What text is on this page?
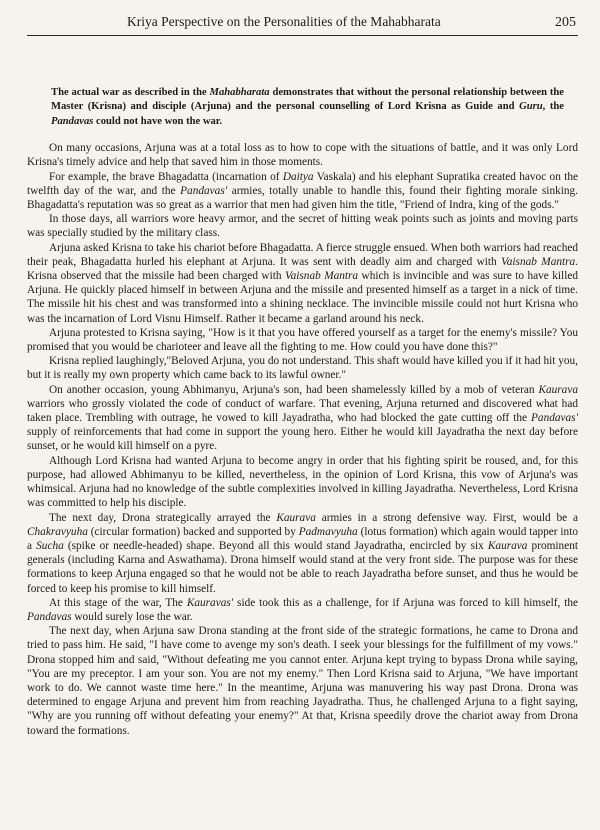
Kriya Perspective on the Personalities of the Mahabharata	205
The actual war as described in the Mahabharata demonstrates that without the personal relationship between the Master (Krisna) and disciple (Arjuna) and the personal counselling of Lord Krisna as Guide and Guru, the Pandavas could not have won the war.

On many occasions, Arjuna was at a total loss as to how to cope with the situations of battle, and it was only Lord Krisna's timely advice and help that saved him in those moments.

For example, the brave Bhagadatta (incarnation of Daitya Vaskala) and his elephant Supratika created havoc on the twelfth day of the war, and the Pandavas' armies, totally unable to handle this, found their fighting morale sinking. Bhagadatta's reputation was so great as a warrior that men had given him the title, "Friend of Indra, king of the gods."

In those days, all warriors wore heavy armor, and the secret of hitting weak points such as joints and moving parts was specially studied by the military class.

Arjuna asked Krisna to take his chariot before Bhagadatta. A fierce struggle ensued. When both warriors had reached their peak, Bhagadatta hurled his elephant at Arjuna. It was sent with deadly aim and charged with Vaisnab Mantra. Krisna observed that the missile had been charged with Vaisnab Mantra which is invincible and was sure to have killed Arjuna. He quickly placed himself in between Arjuna and the missile and presented himself as a target in a nick of time. The missile hit his chest and was transformed into a shining necklace. The invincible missile could not hurt Krisna who was the incarnation of Lord Visnu Himself. Rather it became a garland around his neck.

Arjuna protested to Krisna saying, "How is it that you have offered yourself as a target for the enemy's missile? You promised that you would be charioteer and leave all the fighting to me. How could you have done this?"

Krisna replied laughingly,"Beloved Arjuna, you do not understand. This shaft would have killed you if it had hit you, but it is really my own property which came back to its lawful owner."

On another occasion, young Abhimanyu, Arjuna's son, had been shamelessly killed by a mob of veteran Kaurava warriors who grossly violated the code of conduct of warfare. That evening, Arjuna returned and discovered what had taken place. Trembling with outrage, he vowed to kill Jayadratha, who had blocked the gate cutting off the Pandavas' supply of reinforcements that had come in support the young hero. Either he would kill Jayadratha the next day before sunset, or he would kill himself on a pyre.

Although Lord Krisna had wanted Arjuna to become angry in order that his fighting spirit be roused, and, for this purpose, had allowed Abhimanyu to be killed, nevertheless, in the opinion of Lord Krisna, this vow of Arjuna's was whimsical. Arjuna had no knowledge of the subtle complexities involved in killing Jayadratha. Nevertheless, Lord Krisna was committed to help his disciple.

The next day, Drona strategically arrayed the Kaurava armies in a strong defensive way. First, would be a Chakravyuha (circular formation) backed and supported by Padmavyuha (lotus formation) which again would tapper into a Sucha (spike or needle-headed) shape. Beyond all this would stand Jayadratha, encircled by six Kaurava prominent generals (including Karna and Aswathama). Drona himself would stand at the very front side. The purpose was for these formations to keep Arjuna engaged so that he would not be able to reach Jayadratha before sunset, and thus he would be forced to keep his promise to kill himself.

At this stage of the war, The Kauravas' side took this as a challenge, for if Arjuna was forced to kill himself, the Pandavas would surely lose the war.

The next day, when Arjuna saw Drona standing at the front side of the strategic formations, he came to Drona and tried to pass him. He said, "I have come to avenge my son's death. I seek your blessings for the fulfillment of my vows." Drona stopped him and said, "Without defeating me you cannot enter. Arjuna kept trying to bypass Drona while saying, "You are my preceptor. I am your son. You are not my enemy." Then Lord Krisna said to Arjuna, "We have important work to do. We cannot waste time here." In the meantime, Arjuna was manuvering his way past Drona. Drona was determined to engage Arjuna and prevent him from reaching Jayadratha. Thus, he challenged Arjuna to a fight saying, "Why are you running off without defeating your enemy?" At that, Krisna speedily drove the chariot away from Drona toward the formations.
